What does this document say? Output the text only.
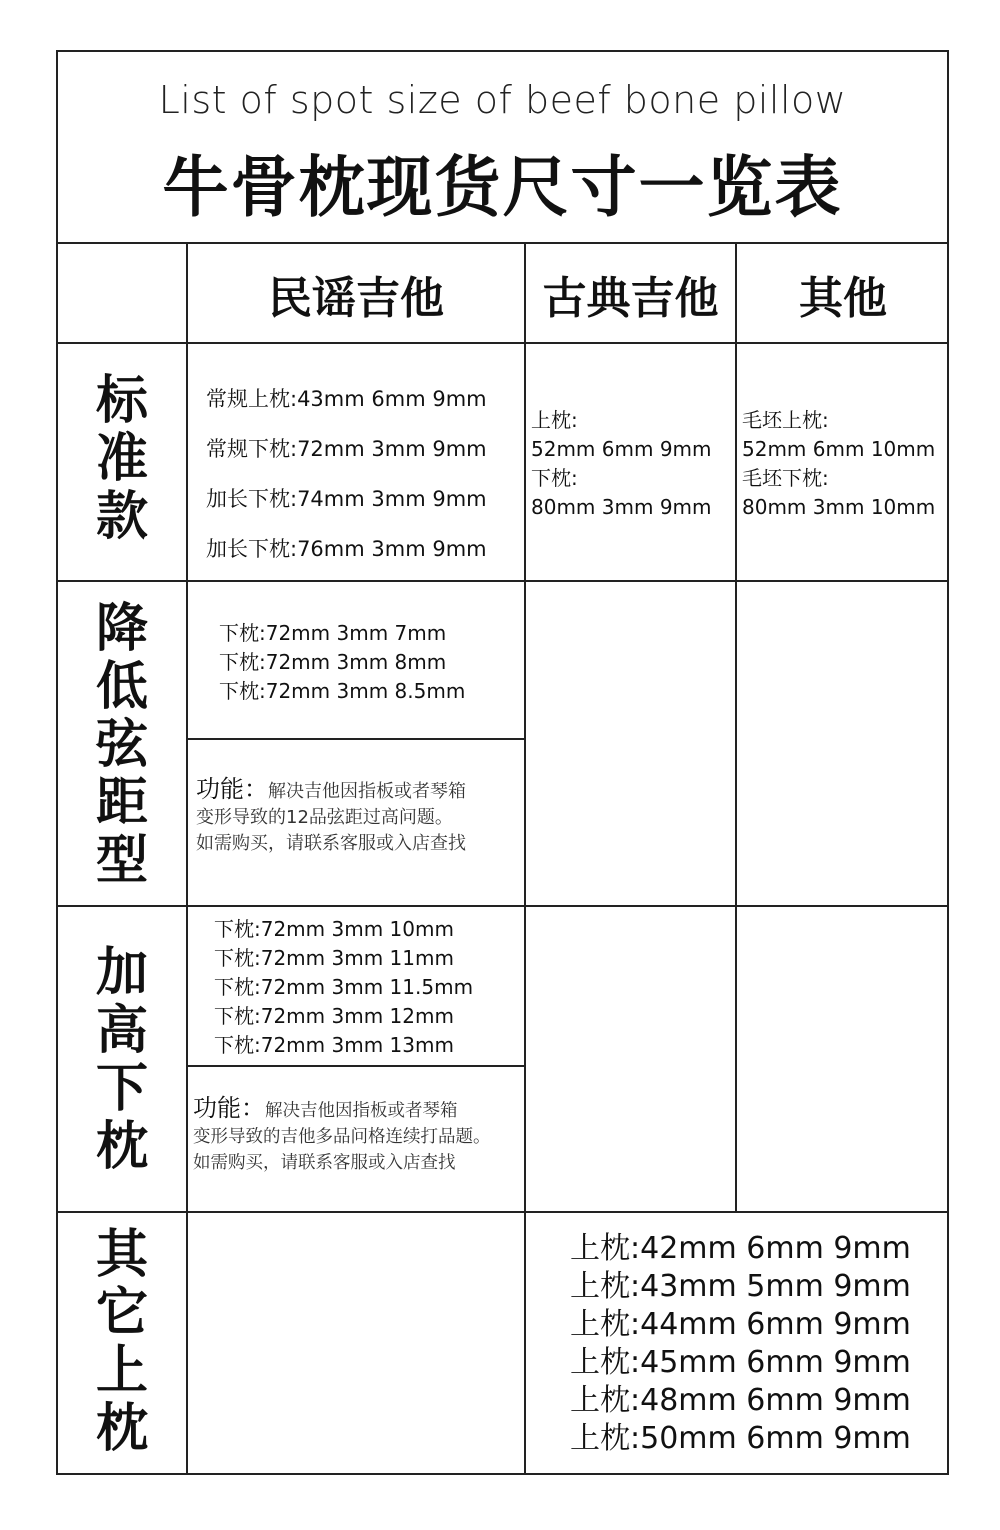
List of spot size of beef bone pillow
牛骨枕现货尺寸一览表
民谣吉他	古典吉他	其他
标
准
款
降
低
弦
距
型
加
高
下
枕
其
它
上
枕
常规上枕:43mm 6mm 9mm
常规下枕:72mm 3mm 9mm
加长下枕:74mm 3mm 9mm
加长下枕:76mm 3mm 9mm
上枕:
52mm 6mm 9mm
下枕:
80mm 3mm 9mm
毛坯上枕:
52mm 6mm 10mm
毛坯下枕:
80mm 3mm 10mm
下枕:72mm 3mm 7mm
下枕:72mm 3mm 8mm
下枕:72mm 3mm 8.5mm
功能：解决吉他因指板或者琴箱
变形导致的12品弦距过高问题。
如需购买，请联系客服或入店查找
下枕:72mm 3mm 10mm
下枕:72mm 3mm 11mm
下枕:72mm 3mm 11.5mm
下枕:72mm 3mm 12mm
下枕:72mm 3mm 13mm
功能：解决吉他因指板或者琴箱
变形导致的吉他多品问格连续打品题。
如需购买，请联系客服或入店查找
上枕:42mm 6mm 9mm
上枕:43mm 5mm 9mm
上枕:44mm 6mm 9mm
上枕:45mm 6mm 9mm
上枕:48mm 6mm 9mm
上枕:50mm 6mm 9mm
